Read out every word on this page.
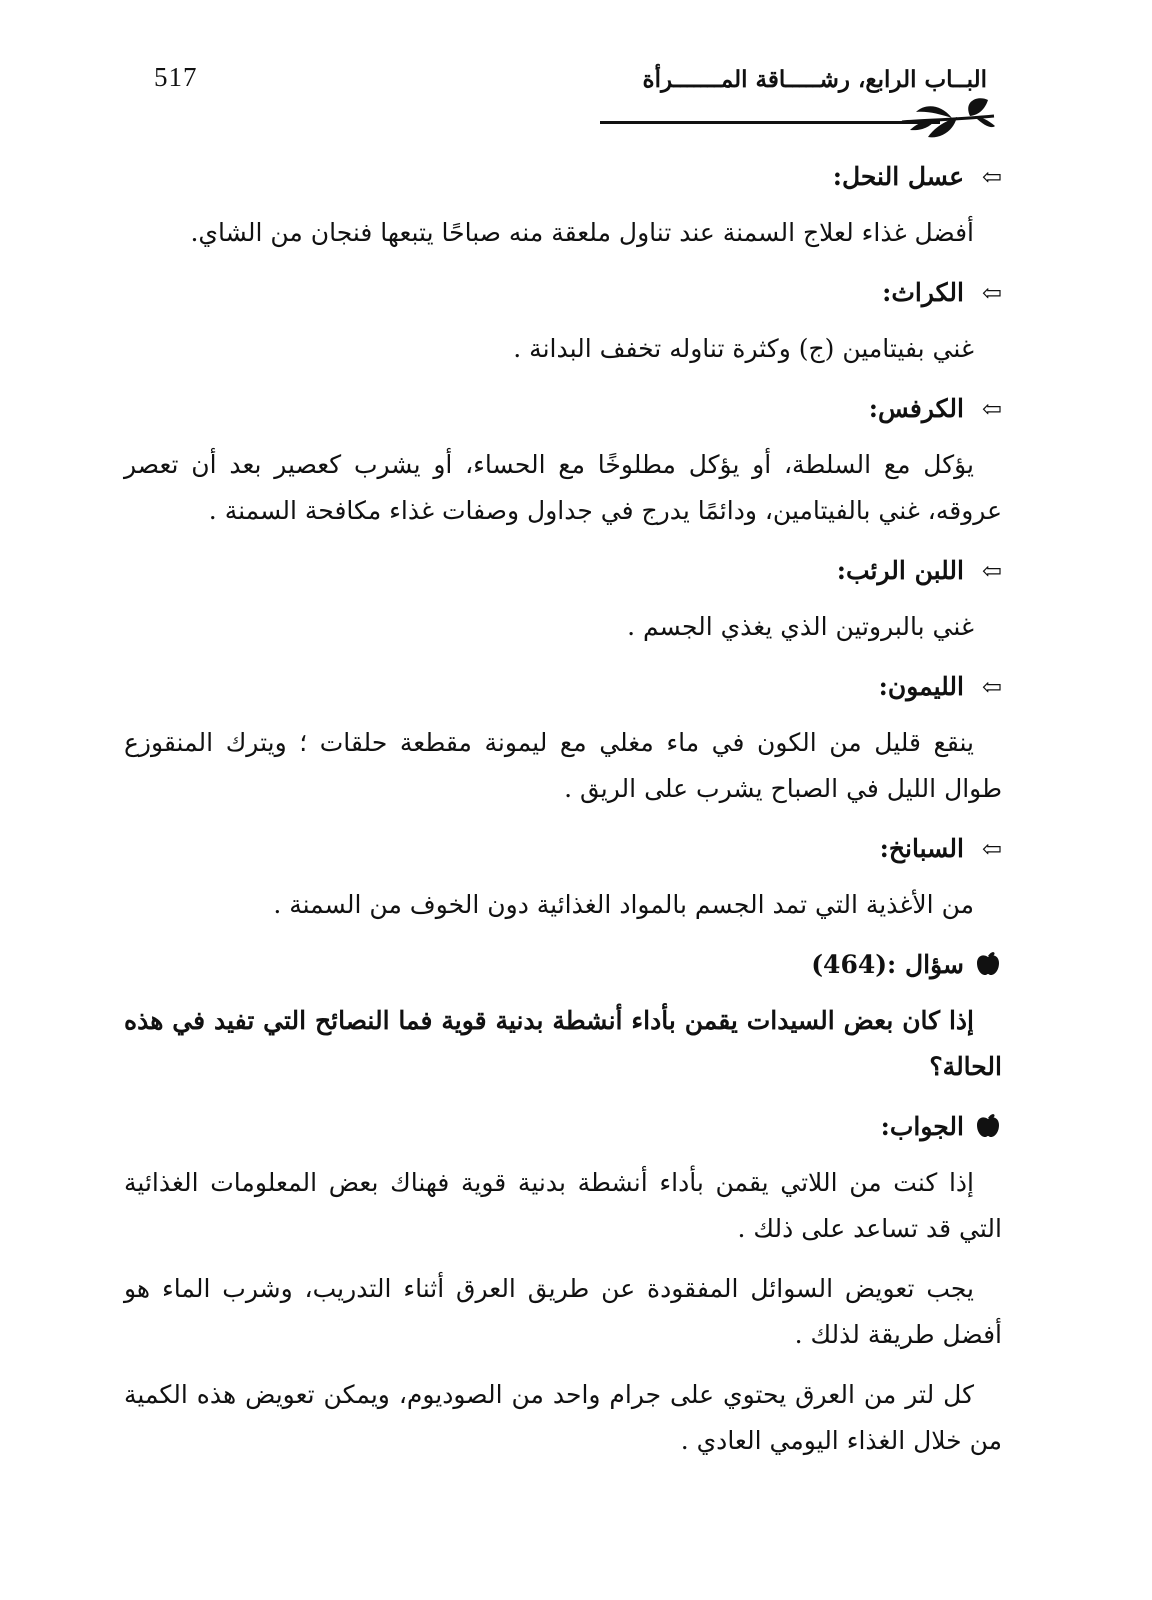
517	البــاب الرابع، رشـــــاقة المـــــــرأة

⇦عسل النحل:

أفضل غذاء لعلاج السمنة عند تناول ملعقة منه صباحًا يتبعها فنجان من الشاي.

⇦الكراث:

غني بفيتامين (ج) وكثرة تناوله تخفف البدانة .

⇦الكرفس:

يؤكل مع السلطة، أو يؤكل مطلوخًا مع الحساء، أو يشرب كعصير بعد أن تعصر عروقه، غني بالفيتامين، ودائمًا يدرج في جداول وصفات غذاء مكافحة السمنة .

⇦اللبن الرئب:

غني بالبروتين الذي يغذي الجسم .

⇦الليمون:

ينقع قليل من الكون في ماء مغلي مع ليمونة مقطعة حلقات ؛ ويترك المنقوزع طوال الليل في الصباح يشرب على الريق .

⇦السبانخ:

من الأغذية التي تمد الجسم بالمواد الغذائية دون الخوف من السمنة .

سؤال (464):

إذا كان بعض السيدات يقمن بأداء أنشطة بدنية قوية فما النصائح التي تفيد في هذه الحالة؟

الجواب:

إذا كنت من اللاتي يقمن بأداء أنشطة بدنية قوية فهناك بعض المعلومات الغذائية التي قد تساعد على ذلك .

يجب تعويض السوائل المفقودة عن طريق العرق أثناء التدريب، وشرب الماء هو أفضل طريقة لذلك .

كل لتر من العرق يحتوي على جرام واحد من الصوديوم، ويمكن تعويض هذه الكمية من خلال الغذاء اليومي العادي .
